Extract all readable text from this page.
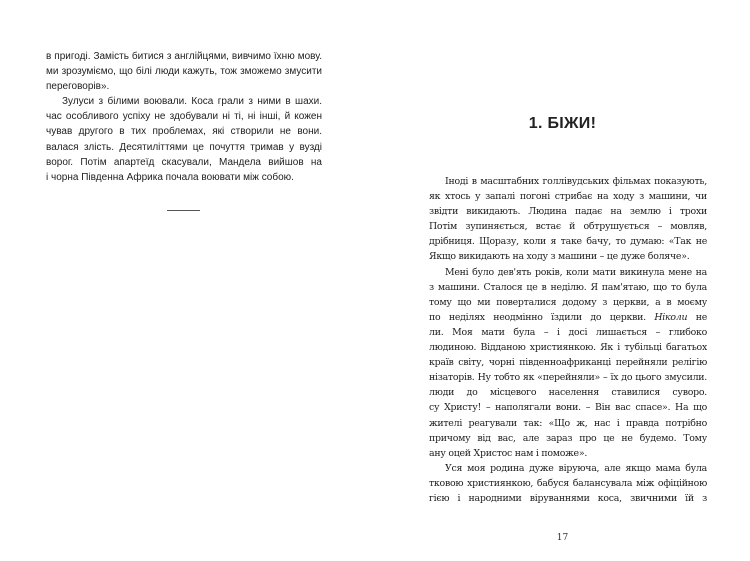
в пригоді. Замість битися з англійцями, вивчимо їхню мову.
ми зрозуміємо, що білі люди кажуть, тож зможемо змусити
переговорів».
Зулуси з білими воювали. Коса грали з ними в шахи.
час особливого успіху не здобували ні ті, ні інші, й кожен
чував другого в тих проблемах, які створили не вони.
валася злість. Десятиліттями це почуття тримав у вузді
ворог. Потім апартеїд скасували, Мандела вийшов на
і чорна Південна Африка почала воювати між собою.
1. БІЖИ!
Іноді в масштабних голлівудських фільмах показують,
як хтось у запалі погоні стрибає на ходу з машини, чи
звідти викидають. Людина падає на землю і трохи
Потім зупиняється, встає й обтрушується – мовляв,
дрібниця. Щоразу, коли я таке бачу, то думаю: «Так не
Якщо викидають на ходу з машини – це дуже боляче».
Мені було дев'ять років, коли мати викинула мене на
з машини. Сталося це в неділю. Я пам'ятаю, що то була
тому що ми поверталися додому з церкви, а в моєму
по неділях неодмінно їздили до церкви. Ніколи не
ли. Моя мати була – і досі лишається – глибоко
людиною. Відданою християнкою. Як і тубільці багатьох
країв світу, чорні південноафриканці перейняли релігію
нізаторів. Ну тобто як «перейняли» – їх до цього змусили.
люди до місцевого населення ставилися суворо.
су Христу! – наполягали вони. – Він вас спасе». На що
жителі реагували так: «Що ж, нас і правда потрібно
причому від вас, але зараз про це не будемо. Тому
ану оцей Христос нам і поможе».
Уся моя родина дуже віруюча, але якщо мама була
тковою християнкою, бабуся балансувала між офіційною
гією і народними віруваннями коса, звичними їй з
17
